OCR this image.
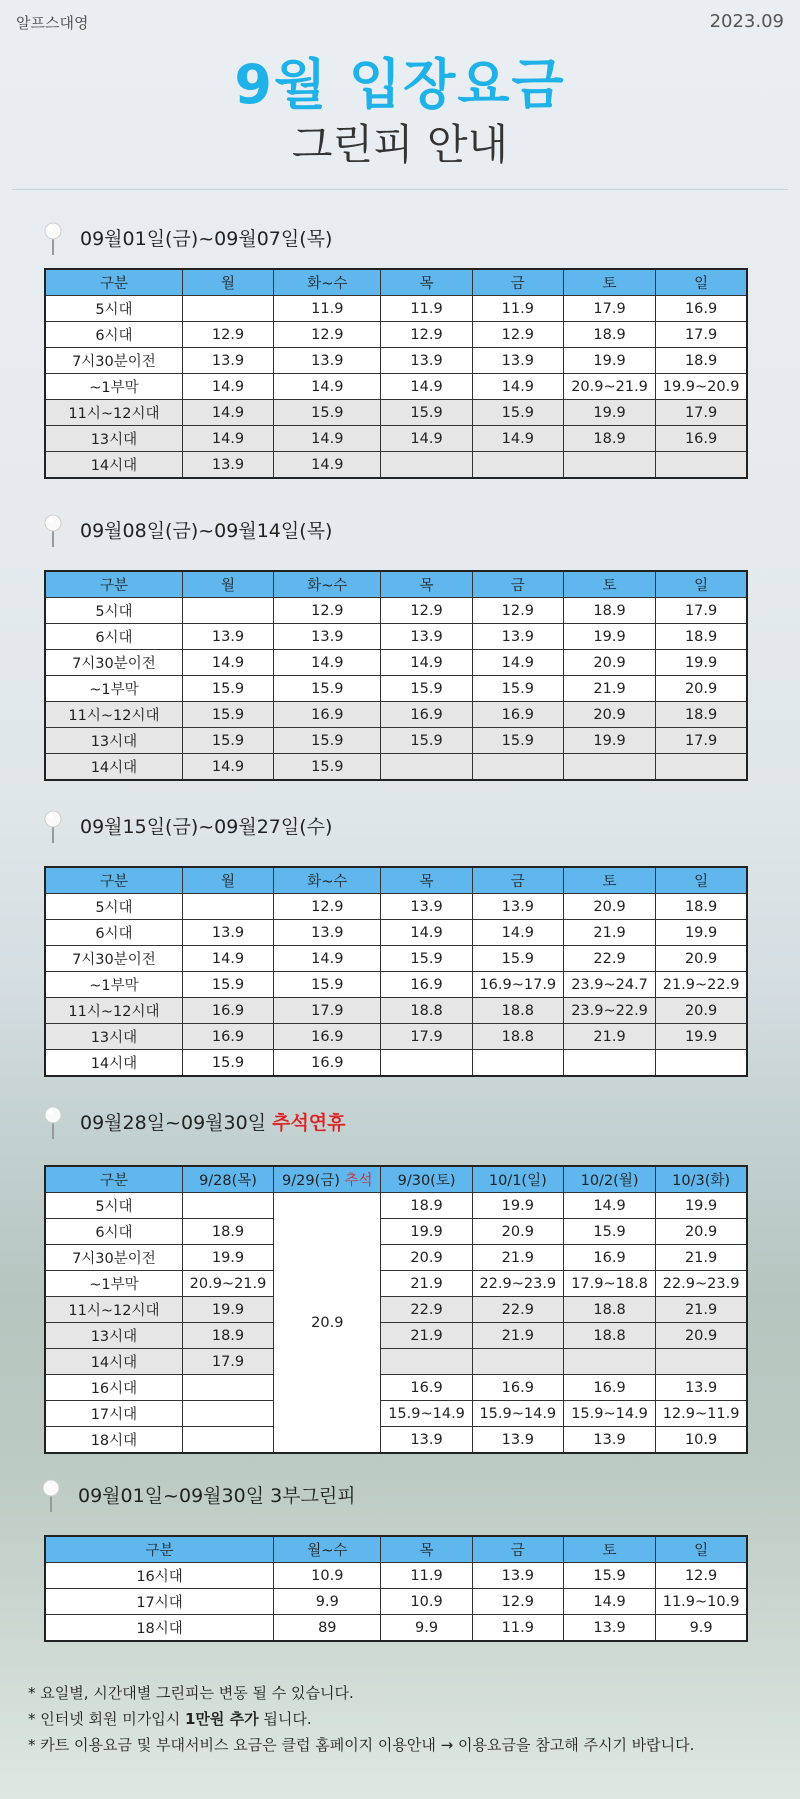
알프스대영	2023.09
9월 입장요금
그린피 안내
09월01일(금)~09월07일(목)
구분	월	화~수	목	금	토	일
5시대		11.9	11.9	11.9	17.9	16.9
6시대	12.9	12.9	12.9	12.9	18.9	17.9
7시30분이전	13.9	13.9	13.9	13.9	19.9	18.9
~1부막	14.9	14.9	14.9	14.9	20.9~21.9	19.9~20.9
11시~12시대	14.9	15.9	15.9	15.9	19.9	17.9
13시대	14.9	14.9	14.9	14.9	18.9	16.9
14시대	13.9	14.9				
09월08일(금)~09월14일(목)
구분	월	화~수	목	금	토	일
5시대		12.9	12.9	12.9	18.9	17.9
6시대	13.9	13.9	13.9	13.9	19.9	18.9
7시30분이전	14.9	14.9	14.9	14.9	20.9	19.9
~1부막	15.9	15.9	15.9	15.9	21.9	20.9
11시~12시대	15.9	16.9	16.9	16.9	20.9	18.9
13시대	15.9	15.9	15.9	15.9	19.9	17.9
14시대	14.9	15.9				
09월15일(금)~09월27일(수)
구분	월	화~수	목	금	토	일
5시대		12.9	13.9	13.9	20.9	18.9
6시대	13.9	13.9	14.9	14.9	21.9	19.9
7시30분이전	14.9	14.9	15.9	15.9	22.9	20.9
~1부막	15.9	15.9	16.9	16.9~17.9	23.9~24.7	21.9~22.9
11시~12시대	16.9	17.9	18.8	18.8	23.9~22.9	20.9
13시대	16.9	16.9	17.9	18.8	21.9	19.9
14시대	15.9	16.9				
09월28일~09월30일 추석연휴
구분	9/28(목)	9/29(금) 추석	9/30(토)	10/1(일)	10/2(월)	10/3(화)
5시대		20.9	18.9	19.9	14.9	19.9
6시대	18.9		19.9	20.9	15.9	20.9
7시30분이전	19.9		20.9	21.9	16.9	21.9
~1부막	20.9~21.9		21.9	22.9~23.9	17.9~18.8	22.9~23.9
11시~12시대	19.9		22.9	22.9	18.8	21.9
13시대	18.9		21.9	21.9	18.8	20.9
14시대	17.9					
16시대			16.9	16.9	16.9	13.9
17시대			15.9~14.9	15.9~14.9	15.9~14.9	12.9~11.9
18시대			13.9	13.9	13.9	10.9
09월01일~09월30일 3부그린피
구분	월~수	목	금	토	일
16시대	10.9	11.9	13.9	15.9	12.9
17시대	9.9	10.9	12.9	14.9	11.9~10.9
18시대	89	9.9	11.9	13.9	9.9
* 요일별, 시간대별 그린피는 변동 될 수 있습니다.
* 인터넷 회원 미가입시 1만원 추가 됩니다.
* 카트 이용요금 및 부대서비스 요금은 클럽 홈페이지 이용안내 → 이용요금을 참고해 주시기 바랍니다.
